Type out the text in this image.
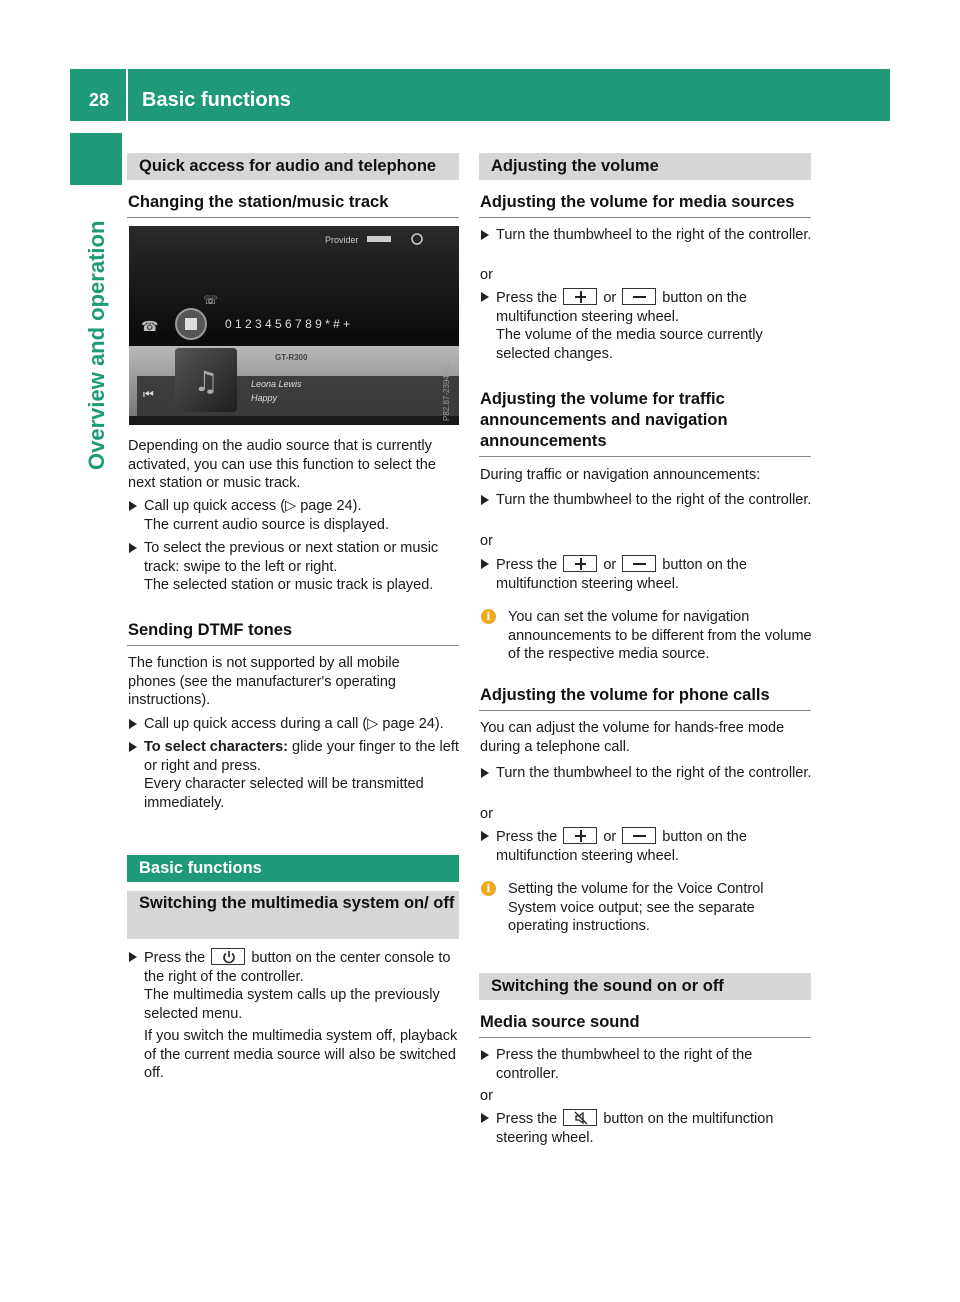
28	Basic functions
Overview and operation
Quick access for audio and telephone
Changing the station/music track
♫
☎
☏
0 1 2 3 4 5 6 7 8 9 * # +
Provider
GT-R300
Leona Lewis
Happy
⏮	P82.87-2394-31
Depending on the audio source that is currently activated, you can use this function to select the next station or music track.
Call up quick access (▷ page 24).
The current audio source is displayed.
To select the previous or next station or music track: swipe to the left or right.
The selected station or music track is played.
Sending DTMF tones
The function is not supported by all mobile phones (see the manufacturer's operating instructions).
Call up quick access during a call (▷ page 24).
To select characters: glide your finger to the left or right and press.
Every character selected will be transmitted immediately.
Basic functions
Switching the multimedia system on/ off
Press the	button on the center console to the right of the controller.
The multimedia system calls up the previously selected menu.
If you switch the multimedia system off, playback of the current media source will also be switched off.
Adjusting the volume
Adjusting the volume for media sources
Turn the thumbwheel to the right of the controller.
or
Press the	or	button on the multifunction steering wheel.
The volume of the media source currently selected changes.
Adjusting the volume for traffic announcements and navigation announcements
During traffic or navigation announcements:
Turn the thumbwheel to the right of the controller.
or
Press the	or	button on the multifunction steering wheel.
i	You can set the volume for navigation announcements to be different from the volume of the respective media source.
Adjusting the volume for phone calls
You can adjust the volume for hands-free mode during a telephone call.
Turn the thumbwheel to the right of the controller.
or
Press the	or	button on the multifunction steering wheel.
i	Setting the volume for the Voice Control System voice output; see the separate operating instructions.
Switching the sound on or off
Media source sound
Press the thumbwheel to the right of the controller.
or
Press the	button on the multifunction steering wheel.
